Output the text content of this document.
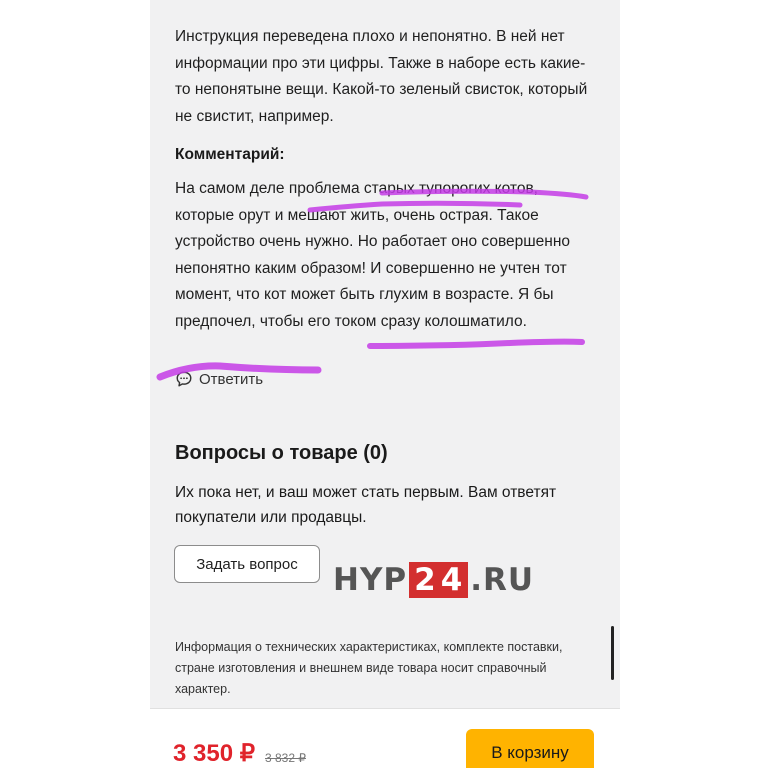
Инструкция переведена плохо и непонятно. В ней нет информации про эти цифры. Также в наборе есть какие-то непонятыне вещи. Какой-то зеленый свисток, который не свистит, например.

Комментарий:

На самом деле проблема старых тупорогих котов, которые орут и мешают жить, очень острая. Такое устройство очень нужно. Но работает оно совершенно непонятно каким образом! И совершенно не учтен тот момент, что кот может быть глухим в возрасте. Я бы предпочел, чтобы его током сразу колошматило.

Ответить
Вопросы о товаре (0)

Их пока нет, и ваш может стать первым. Вам ответят покупатели или продавцы.

Задать вопрос	HYP 2 4 .RU

Информация о технических характеристиках, комплекте поставки, стране изготовления и внешнем виде товара носит справочный характер.

3 350 ₽ 3 832 ₽	В корзину
